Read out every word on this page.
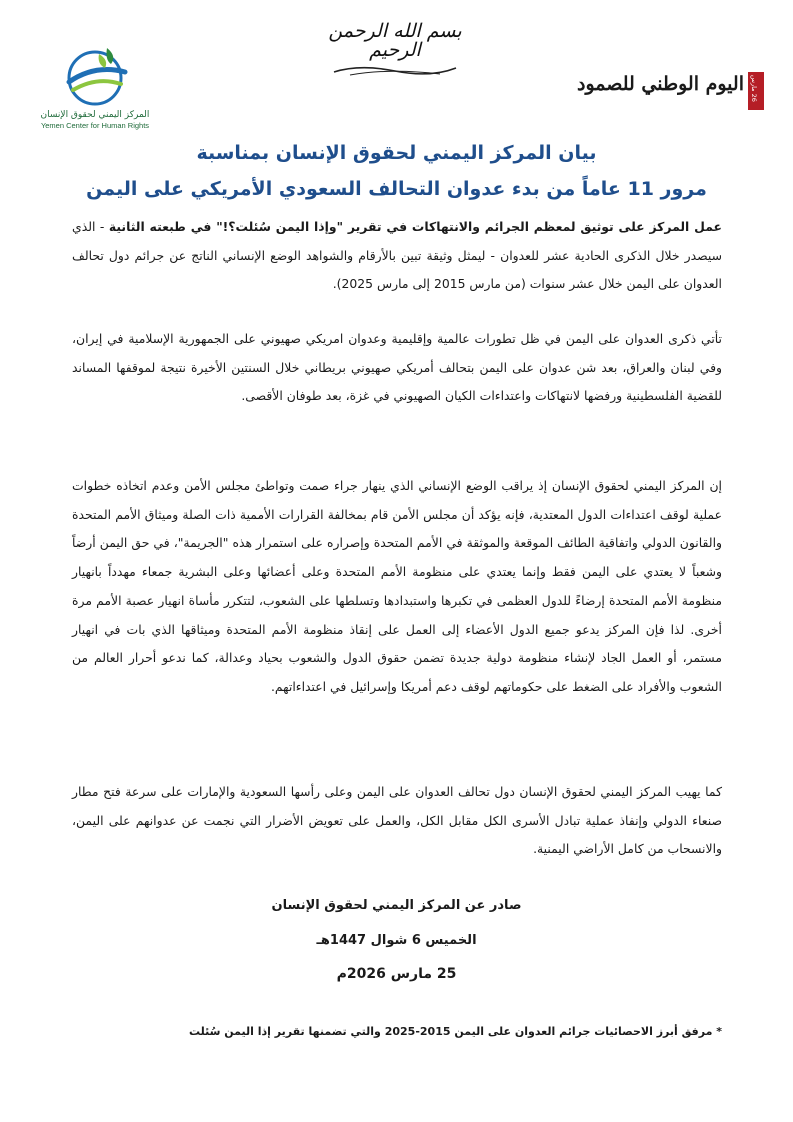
المركز اليمني لحقوق الإنسان
Yemen Center for Human Rights
بسم الله الرحمن الرحيم
26 مارس
اليوم الوطني للصمود
بيان المركز اليمني لحقوق الإنسان بمناسبة
مرور 11 عاماً من بدء عدوان التحالف السعودي الأمريكي على اليمن
عمل المركز على توثيق لمعظم الجرائم والانتهاكات في تقرير "وإذا اليمن سُئلت؟!" في طبعته الثانية - الذي سيصدر خلال الذكرى الحادية عشر للعدوان - ليمثل وثيقة تبين بالأرقام والشواهد الوضع الإنساني الناتج عن جرائم دول تحالف العدوان على اليمن خلال عشر سنوات (من مارس 2015 إلى مارس 2025).
تأتي ذكرى العدوان على اليمن في ظل تطورات عالمية وإقليمية وعدوان امريكي صهيوني على الجمهورية الإسلامية في إيران، وفي لبنان والعراق، بعد شن عدوان على اليمن بتحالف أمريكي صهيوني بريطاني خلال السنتين الأخيرة نتيجة لموقفها المساند للقضية الفلسطينية ورفضها لانتهاكات واعتداءات الكيان الصهيوني في غزة، بعد طوفان الأقصى.
إن المركز اليمني لحقوق الإنسان إذ يراقب الوضع الإنساني الذي ينهار جراء صمت وتواطئ مجلس الأمن وعدم اتخاذه خطوات عملية لوقف اعتداءات الدول المعتدية، فإنه يؤكد أن مجلس الأمن قام بمخالفة القرارات الأممية ذات الصلة وميثاق الأمم المتحدة والقانون الدولي واتفاقية الطائف الموقعة والموثقة في الأمم المتحدة وإصراره على استمرار هذه "الجريمة"، في حق اليمن أرضاً وشعباً لا يعتدي على اليمن فقط وإنما يعتدي على منظومة الأمم المتحدة وعلى أعضائها وعلى البشرية جمعاء مهدداً بانهيار منظومة الأمم المتحدة إرضاءً للدول العظمى في تكبرها واستبدادها وتسلطها على الشعوب، لتتكرر مأساة انهيار عصبة الأمم مرة أخرى. لذا فإن المركز يدعو جميع الدول الأعضاء إلى العمل على إنقاذ منظومة الأمم المتحدة وميثاقها الذي بات في انهيار مستمر، أو العمل الجاد لإنشاء منظومة دولية جديدة تضمن حقوق الدول والشعوب بحياد وعدالة، كما ندعو أحرار العالم من الشعوب والأفراد على الضغط على حكوماتهم لوقف دعم أمريكا وإسرائيل في اعتداءاتهم.
كما يهيب المركز اليمني لحقوق الإنسان دول تحالف العدوان على اليمن وعلى رأسها السعودية والإمارات على سرعة فتح مطار صنعاء الدولي وإنفاذ عملية تبادل الأسرى الكل مقابل الكل، والعمل على تعويض الأضرار التي نجمت عن عدوانهم على اليمن، والانسحاب من كامل الأراضي اليمنية.
صادر عن المركز اليمني لحقوق الإنسان
الخميس 6 شوال 1447هـ
25 مارس 2026م
* مرفق أبرز الاحصائيات جرائم العدوان على اليمن 2015-2025 والتي تضمنها تقرير إذا اليمن سُئلت
